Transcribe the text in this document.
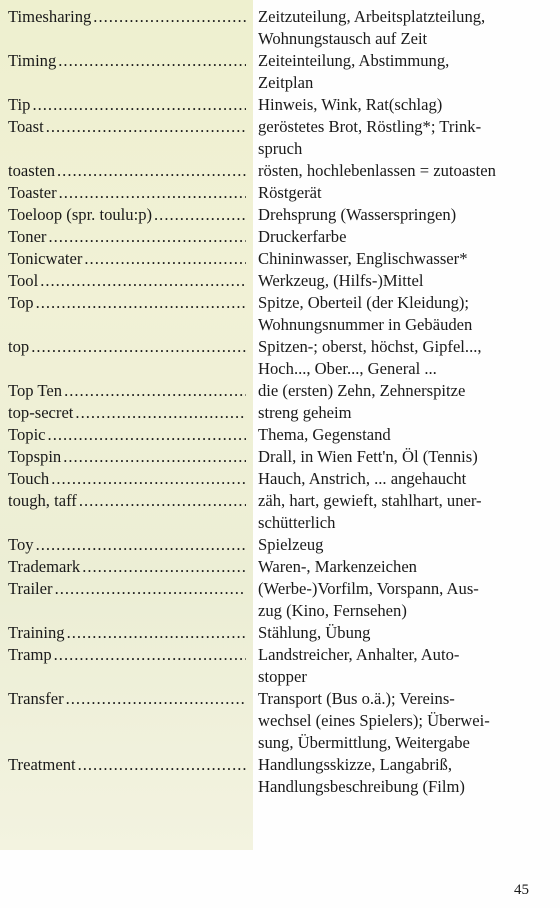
Timesharing .....	Zeitzuteilung, Arbeitsplatzteilung,
Wohnungstausch auf Zeit
Timing .....	Zeiteinteilung, Abstimmung,
Zeitplan
Tip .....	Hinweis, Wink, Rat(schlag)
Toast .....	geröstetes Brot, Röstling*; Trink-
spruch
toasten .....	rösten, hochlebenlassen = zutoasten
Toaster .....	Röstgerät
Toeloop (spr. toulu:p) .....	Drehsprung (Wasserspringen)
Toner .....	Druckerfarbe
Tonicwater .....	Chininwasser, Englischwasser*
Tool .....	Werkzeug, (Hilfs-)Mittel
Top .....	Spitze, Oberteil (der Kleidung);
Wohnungsnummer in Gebäuden
top .....	Spitzen-; oberst, höchst, Gipfel...,
Hoch..., Ober..., General ...
Top Ten .....	die (ersten) Zehn, Zehnerspitze
top-secret .....	streng geheim
Topic .....	Thema, Gegenstand
Topspin .....	Drall, in Wien Fett'n, Öl (Tennis)
Touch .....	Hauch, Anstrich, ... angehaucht
tough, taff .....	zäh, hart, gewieft, stahlhart, uner-
schütterlich
Toy .....	Spielzeug
Trademark .....	Waren-, Markenzeichen
Trailer .....	(Werbe-)Vorfilm, Vorspann, Aus-
zug (Kino, Fernsehen)
Training .....	Stählung, Übung
Tramp .....	Landstreicher, Anhalter, Auto-
stopper
Transfer .....	Transport (Bus o.ä.); Vereins-
wechsel (eines Spielers); Überwei-
sung, Übermittlung, Weitergabe
Treatment .....	Handlungsskizze, Langabriß,
Handlungsbeschreibung (Film)
45
